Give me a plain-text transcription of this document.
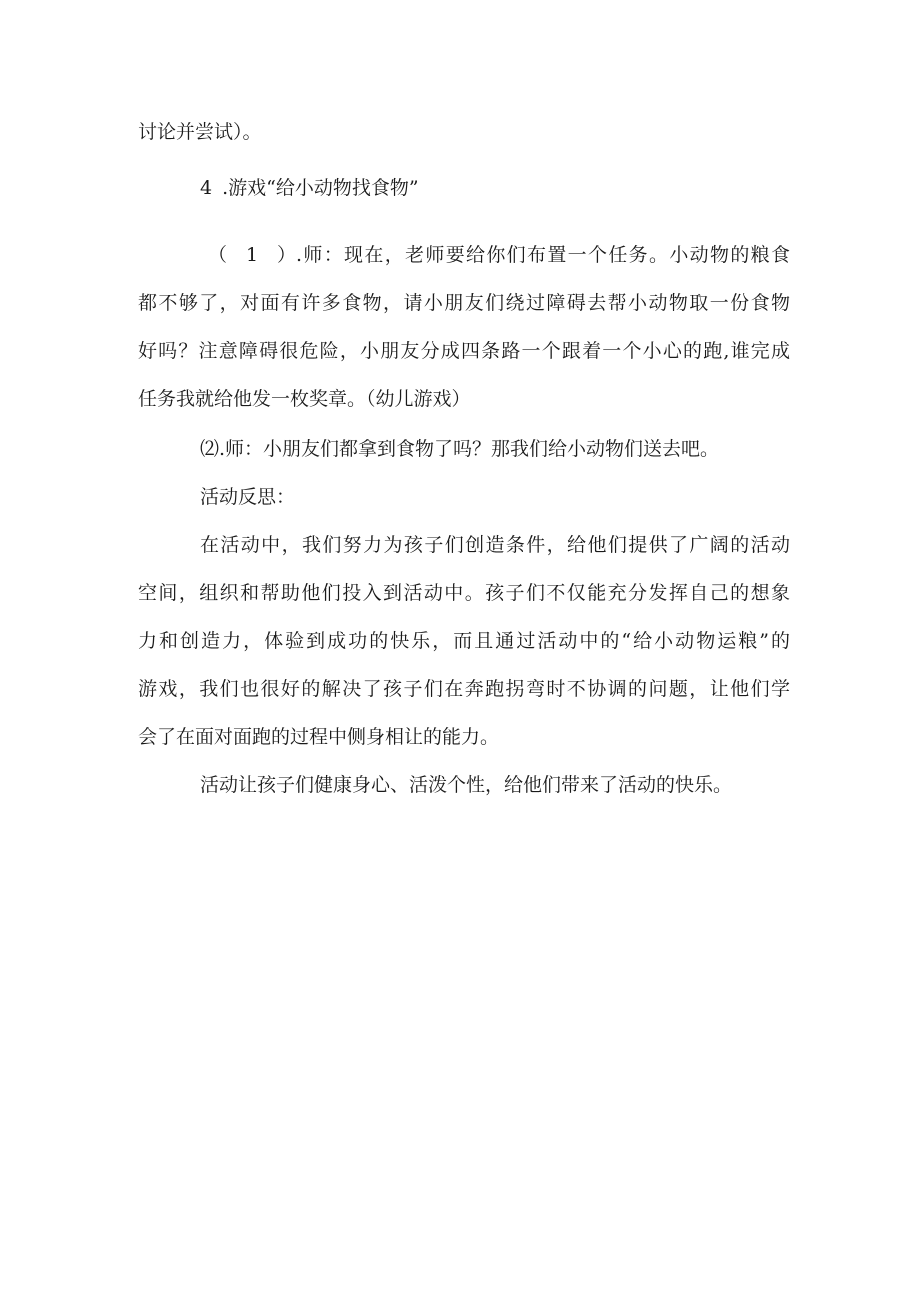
讨论并尝试）。
4 .游戏“给小动物找食物”
（1）.师：现在，老师要给你们布置一个任务。小动物的粮食
都不够了，对面有许多食物，请小朋友们绕过障碍去帮小动物取一份食物
好吗？注意障碍很危险，小朋友分成四条路一个跟着一个小心的跑,谁完成
任务我就给他发一枚奖章。（幼儿游戏）
⑵.师：小朋友们都拿到食物了吗？那我们给小动物们送去吧。
活动反思：
在活动中，我们努力为孩子们创造条件，给他们提供了广阔的活动
空间，组织和帮助他们投入到活动中。孩子们不仅能充分发挥自己的想象
力和创造力，体验到成功的快乐，而且通过活动中的“给小动物运粮”的
游戏，我们也很好的解决了孩子们在奔跑拐弯时不协调的问题，让他们学
会了在面对面跑的过程中侧身相让的能力。
活动让孩子们健康身心、活泼个性，给他们带来了活动的快乐。
